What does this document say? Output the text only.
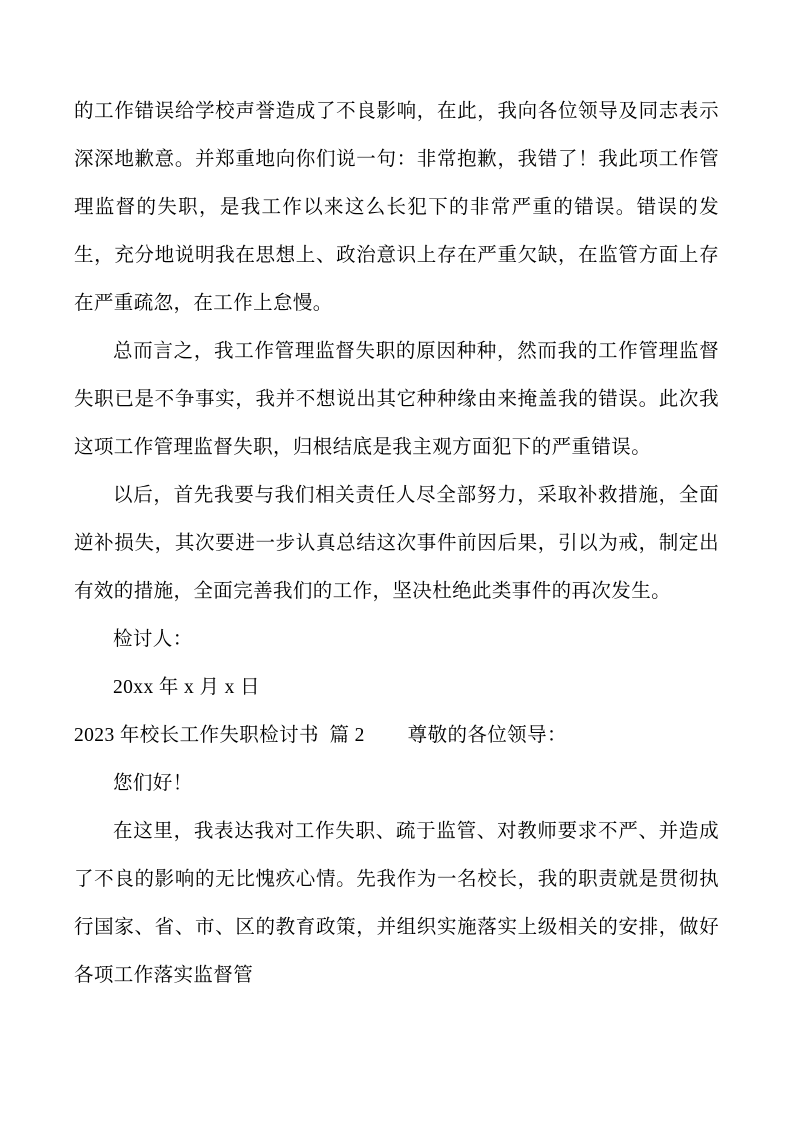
的工作错误给学校声誉造成了不良影响，在此，我向各位领导及同志表示深深地歉意。并郑重地向你们说一句：非常抱歉，我错了！我此项工作管理监督的失职，是我工作以来这么长犯下的非常严重的错误。错误的发生，充分地说明我在思想上、政治意识上存在严重欠缺，在监管方面上存在严重疏忽，在工作上怠慢。

总而言之，我工作管理监督失职的原因种种，然而我的工作管理监督失职已是不争事实，我并不想说出其它种种缘由来掩盖我的错误。此次我这项工作管理监督失职，归根结底是我主观方面犯下的严重错误。

以后，首先我要与我们相关责任人尽全部努力，采取补救措施，全面逆补损失，其次要进一步认真总结这次事件前因后果，引以为戒，制定出有效的措施，全面完善我们的工作，坚决杜绝此类事件的再次发生。

检讨人：

20xx 年 x 月 x 日

2023 年校长工作失职检讨书 篇 2 尊敬的各位领导：

您们好！

在这里，我表达我对工作失职、疏于监管、对教师要求不严、并造成了不良的影响的无比愧疚心情。先我作为一名校长，我的职责就是贯彻执行国家、省、市、区的教育政策，并组织实施落实上级相关的安排，做好各项工作落实监督管
